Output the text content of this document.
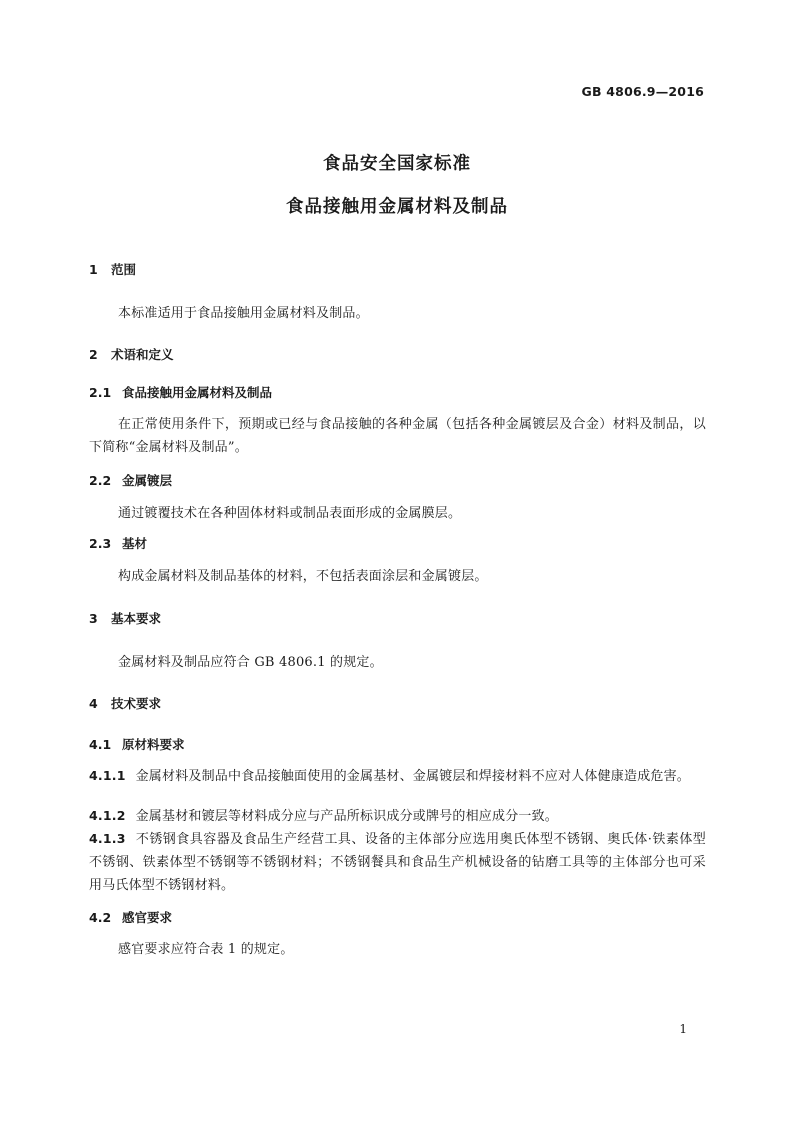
GB 4806.9—2016
食品安全国家标准
食品接触用金属材料及制品
1 范围
本标准适用于食品接触用金属材料及制品。
2 术语和定义
2.1 食品接触用金属材料及制品
在正常使用条件下，预期或已经与食品接触的各种金属（包括各种金属镀层及合金）材料及制品，以下简称“金属材料及制品”。
2.2 金属镀层
通过镀覆技术在各种固体材料或制品表面形成的金属膜层。
2.3 基材
构成金属材料及制品基体的材料，不包括表面涂层和金属镀层。
3 基本要求
金属材料及制品应符合 GB 4806.1 的规定。
4 技术要求
4.1 原材料要求
4.1.1 金属材料及制品中食品接触面使用的金属基材、金属镀层和焊接材料不应对人体健康造成危害。
4.1.2 金属基材和镀层等材料成分应与产品所标识成分或牌号的相应成分一致。
4.1.3 不锈钢食具容器及食品生产经营工具、设备的主体部分应选用奥氏体型不锈钢、奥氏体·铁素体型不锈钢、铁素体型不锈钢等不锈钢材料；不锈钢餐具和食品生产机械设备的钻磨工具等的主体部分也可采用马氏体型不锈钢材料。
4.2 感官要求
感官要求应符合表 1 的规定。
1
